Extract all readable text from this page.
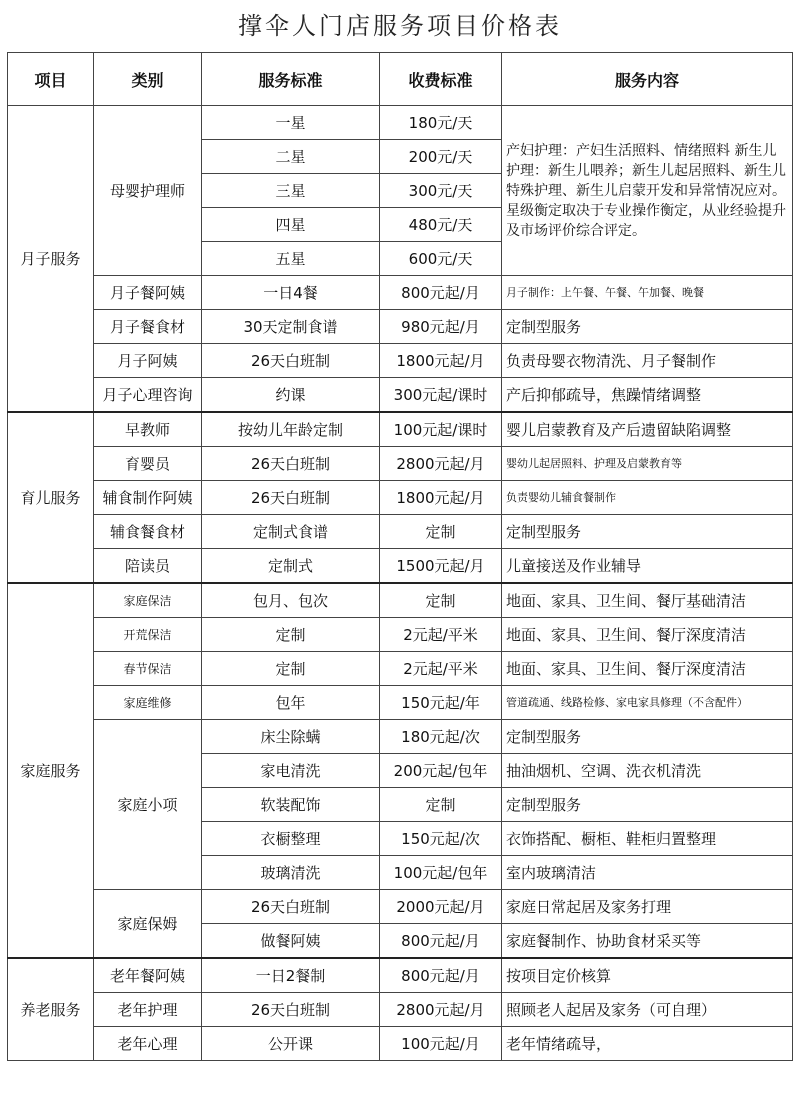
撑伞人门店服务项目价格表
项目	类别	服务标准	收费标准	服务内容
月子服务	母婴护理师	一星	180元/天	产妇护理：产妇生活照料、情绪照料 新生儿护理：新生儿喂养；新生儿起居照料、新生儿特殊护理、新生儿启蒙开发和异常情况应对。 星级衡定取决于专业操作衡定，从业经验提升及市场评价综合评定。
		二星	200元/天	
		三星	300元/天	
		四星	480元/天	
		五星	600元/天	
	月子餐阿姨	一日4餐	800元起/月	月子制作：上午餐、午餐、午加餐、晚餐
	月子餐食材	30天定制食谱	980元起/月	定制型服务
	月子阿姨	26天白班制	1800元起/月	负责母婴衣物清洗、月子餐制作
	月子心理咨询	约课	300元起/课时	产后抑郁疏导，焦躁情绪调整
育儿服务	早教师	按幼儿年龄定制	100元起/课时	婴儿启蒙教育及产后遗留缺陷调整
	育婴员	26天白班制	2800元起/月	婴幼儿起居照料、护理及启蒙教育等
	辅食制作阿姨	26天白班制	1800元起/月	负责婴幼儿辅食餐制作
	辅食餐食材	定制式食谱	定制	定制型服务
	陪读员	定制式	1500元起/月	儿童接送及作业辅导
家庭服务	家庭保洁	包月、包次	定制	地面、家具、卫生间、餐厅基础清洁
	开荒保洁	定制	2元起/平米	地面、家具、卫生间、餐厅深度清洁
	春节保洁	定制	2元起/平米	地面、家具、卫生间、餐厅深度清洁
	家庭维修	包年	150元起/年	管道疏通、线路检修、家电家具修理（不含配件）
	家庭小项	床尘除螨	180元起/次	定制型服务
		家电清洗	200元起/包年	抽油烟机、空调、洗衣机清洗
		软装配饰	定制	定制型服务
		衣橱整理	150元起/次	衣饰搭配、橱柜、鞋柜归置整理
		玻璃清洗	100元起/包年	室内玻璃清洁
	家庭保姆	26天白班制	2000元起/月	家庭日常起居及家务打理
		做餐阿姨	800元起/月	家庭餐制作、协助食材采买等
养老服务	老年餐阿姨	一日2餐制	800元起/月	按项目定价核算
	老年护理	26天白班制	2800元起/月	照顾老人起居及家务（可自理）
	老年心理	公开课	100元起/月	老年情绪疏导，
